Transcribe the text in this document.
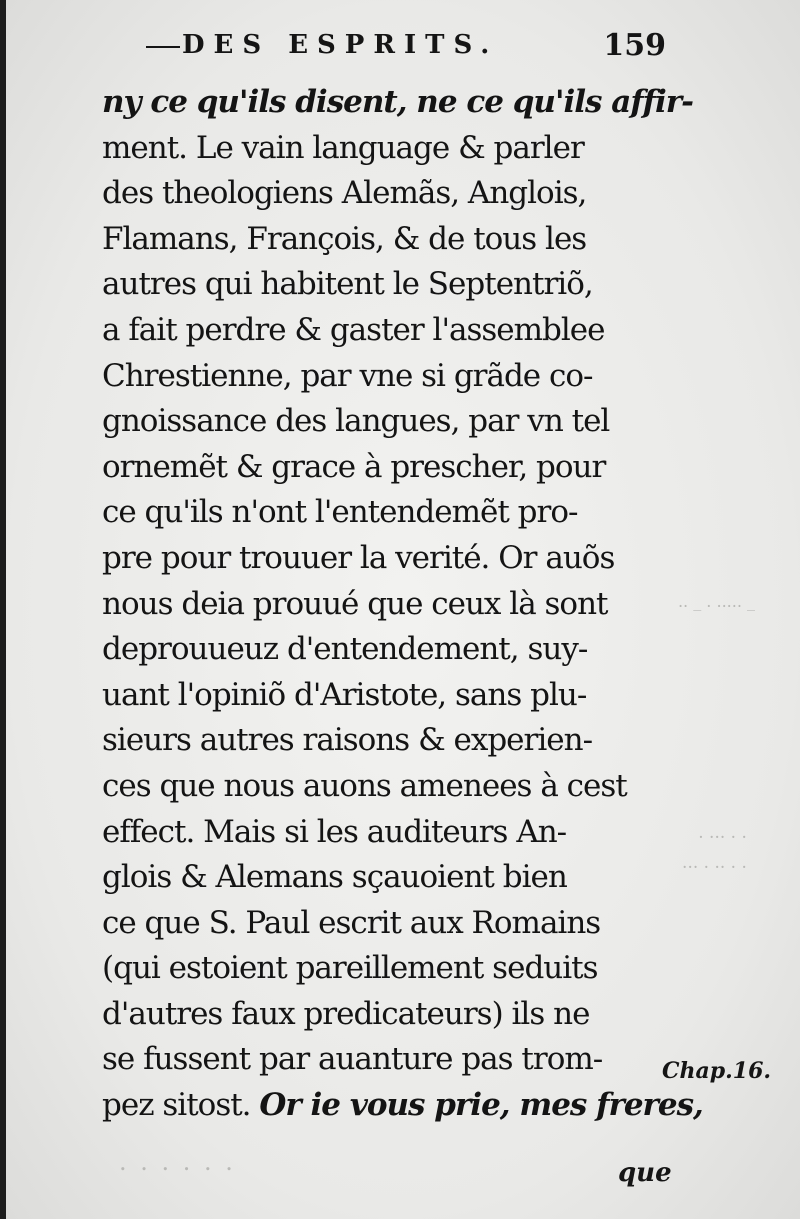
_ ..... . _ ..
. . ... .
. . .. . ...
. . . . . .
DES ESPRITS.	159
ny ce qu'ils disent, ne ce qu'ils affir-
ment. Le vain language & parler
des theologiens Alemãs, Anglois,
Flamans, François, & de tous les
autres qui habitent le Septentriõ,
a fait perdre & gaster l'assemblee
Chrestienne, par vne si grãde co-
gnoissance des langues, par vn tel
ornemẽt & grace à prescher, pour
ce qu'ils n'ont l'entendemẽt pro-
pre pour trouuer la verité. Or auõs
nous deia prouué que ceux là sont
deprouueuz d'entendement, suy-
uant l'opiniõ d'Aristote, sans plu-
sieurs autres raisons & experien-
ces que nous auons amenees à cest
effect. Mais si les auditeurs An-
glois & Alemans sçauoient bien
ce que S. Paul escrit aux Romains
(qui estoient pareillement seduits
d'autres faux predicateurs) ils ne
se fussent par auanture pas trom-
pez sitost. Or ie vous prie, mes freres,
Chap.16.
que
